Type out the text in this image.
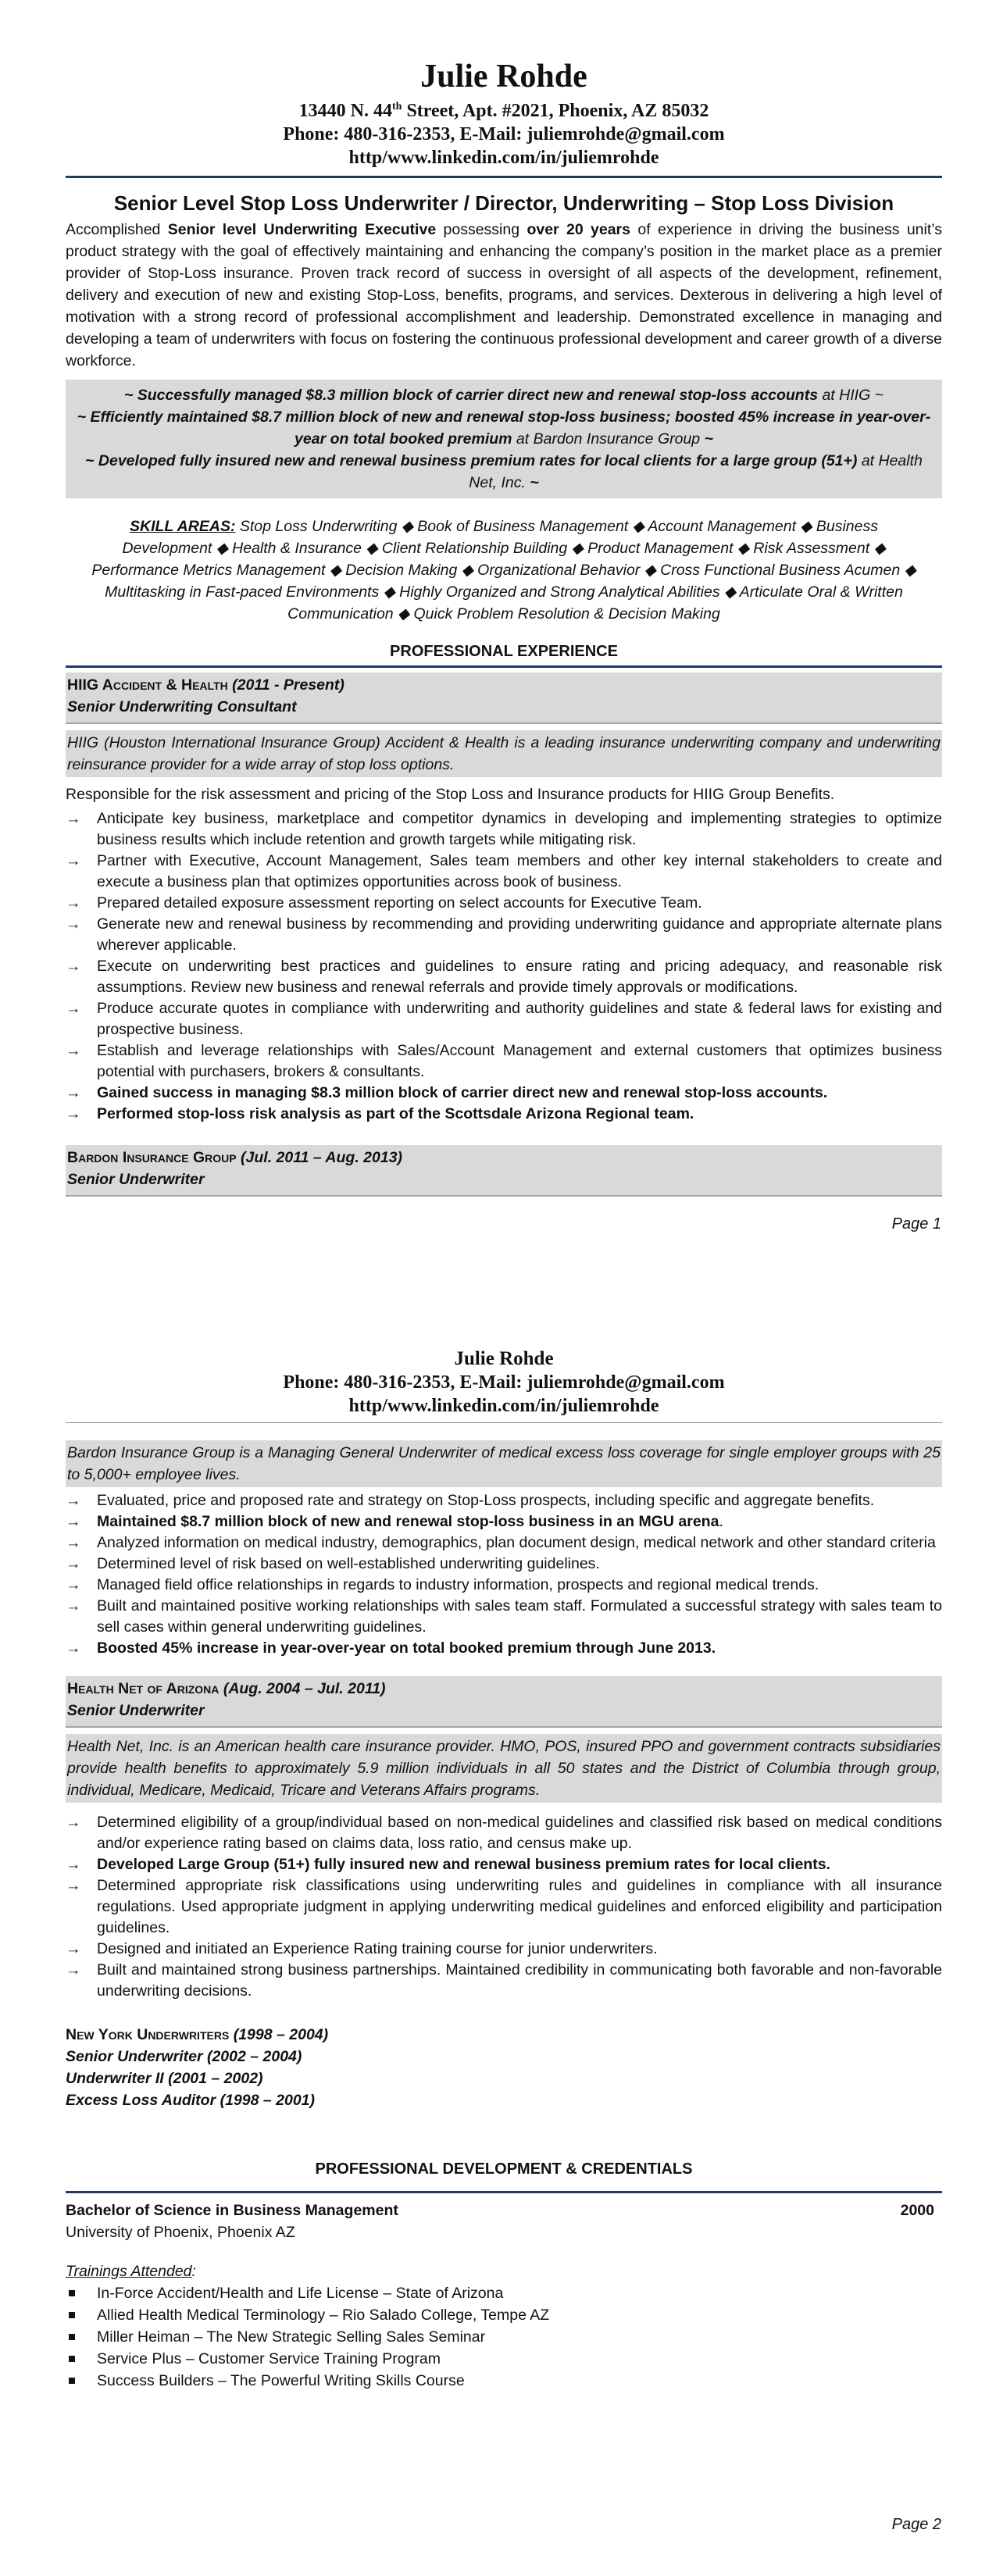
Julie Rohde
13440 N. 44th Street, Apt. #2021, Phoenix, AZ 85032
Phone: 480-316-2353, E-Mail: juliemrohde@gmail.com
http/www.linkedin.com/in/juliemrohde
Senior Level Stop Loss Underwriter / Director, Underwriting – Stop Loss Division
Accomplished Senior level Underwriting Executive possessing over 20 years of experience in driving the business unit’s product strategy with the goal of effectively maintaining and enhancing the company’s position in the market place as a premier provider of Stop-Loss insurance. Proven track record of success in oversight of all aspects of the development, refinement, delivery and execution of new and existing Stop-Loss, benefits, programs, and services. Dexterous in delivering a high level of motivation with a strong record of professional accomplishment and leadership. Demonstrated excellence in managing and developing a team of underwriters with focus on fostering the continuous professional development and career growth of a diverse workforce.
~ Successfully managed $8.3 million block of carrier direct new and renewal stop-loss accounts at HIIG ~
~ Efficiently maintained $8.7 million block of new and renewal stop-loss business; boosted 45% increase in year-over-year on total booked premium at Bardon Insurance Group ~
~ Developed fully insured new and renewal business premium rates for local clients for a large group (51+) at Health Net, Inc. ~
SKILL AREAS: Stop Loss Underwriting ◆ Book of Business Management ◆ Account Management ◆ Business Development ◆ Health & Insurance ◆ Client Relationship Building ◆ Product Management ◆ Risk Assessment ◆ Performance Metrics Management ◆ Decision Making ◆ Organizational Behavior ◆ Cross Functional Business Acumen ◆ Multitasking in Fast-paced Environments ◆ Highly Organized and Strong Analytical Abilities ◆ Articulate Oral & Written Communication ◆ Quick Problem Resolution & Decision Making
PROFESSIONAL EXPERIENCE
HIIG Accident & Health (2011 - Present)
Senior Underwriting Consultant
HIIG (Houston International Insurance Group) Accident & Health is a leading insurance underwriting company and underwriting reinsurance provider for a wide array of stop loss options.
Responsible for the risk assessment and pricing of the Stop Loss and Insurance products for HIIG Group Benefits.
→ Anticipate key business, marketplace and competitor dynamics in developing and implementing strategies to optimize business results which include retention and growth targets while mitigating risk.
→ Partner with Executive, Account Management, Sales team members and other key internal stakeholders to create and execute a business plan that optimizes opportunities across book of business.
→ Prepared detailed exposure assessment reporting on select accounts for Executive Team.
→ Generate new and renewal business by recommending and providing underwriting guidance and appropriate alternate plans wherever applicable.
→ Execute on underwriting best practices and guidelines to ensure rating and pricing adequacy, and reasonable risk assumptions. Review new business and renewal referrals and provide timely approvals or modifications.
→ Produce accurate quotes in compliance with underwriting and authority guidelines and state & federal laws for existing and prospective business.
→ Establish and leverage relationships with Sales/Account Management and external customers that optimizes business potential with purchasers, brokers & consultants.
→ Gained success in managing $8.3 million block of carrier direct new and renewal stop-loss accounts.
→ Performed stop-loss risk analysis as part of the Scottsdale Arizona Regional team.
Bardon Insurance Group (Jul. 2011 – Aug. 2013)
Senior Underwriter
Page 1
Julie Rohde
Phone: 480-316-2353, E-Mail: juliemrohde@gmail.com
http/www.linkedin.com/in/juliemrohde
Bardon Insurance Group is a Managing General Underwriter of medical excess loss coverage for single employer groups with 25 to 5,000+ employee lives.
→ Evaluated, price and proposed rate and strategy on Stop-Loss prospects, including specific and aggregate benefits.
→ Maintained $8.7 million block of new and renewal stop-loss business in an MGU arena.
→ Analyzed information on medical industry, demographics, plan document design, medical network and other standard criteria
→ Determined level of risk based on well-established underwriting guidelines.
→ Managed field office relationships in regards to industry information, prospects and regional medical trends.
→ Built and maintained positive working relationships with sales team staff. Formulated a successful strategy with sales team to sell cases within general underwriting guidelines.
→ Boosted 45% increase in year-over-year on total booked premium through June 2013.
Health Net of Arizona (Aug. 2004 – Jul. 2011)
Senior Underwriter
Health Net, Inc. is an American health care insurance provider. HMO, POS, insured PPO and government contracts subsidiaries provide health benefits to approximately 5.9 million individuals in all 50 states and the District of Columbia through group, individual, Medicare, Medicaid, Tricare and Veterans Affairs programs.
→ Determined eligibility of a group/individual based on non-medical guidelines and classified risk based on medical conditions and/or experience rating based on claims data, loss ratio, and census make up.
→ Developed Large Group (51+) fully insured new and renewal business premium rates for local clients.
→ Determined appropriate risk classifications using underwriting rules and guidelines in compliance with all insurance regulations. Used appropriate judgment in applying underwriting medical guidelines and enforced eligibility and participation guidelines.
→ Designed and initiated an Experience Rating training course for junior underwriters.
→ Built and maintained strong business partnerships. Maintained credibility in communicating both favorable and non-favorable underwriting decisions.
New York Underwriters (1998 – 2004)
Senior Underwriter (2002 – 2004)
Underwriter II (2001 – 2002)
Excess Loss Auditor (1998 – 2001)
PROFESSIONAL DEVELOPMENT & CREDENTIALS
Bachelor of Science in Business Management	2000
University of Phoenix, Phoenix AZ
Trainings Attended:
In-Force Accident/Health and Life License – State of Arizona
Allied Health Medical Terminology – Rio Salado College, Tempe AZ
Miller Heiman – The New Strategic Selling Sales Seminar
Service Plus – Customer Service Training Program
Success Builders – The Powerful Writing Skills Course
Page 2
